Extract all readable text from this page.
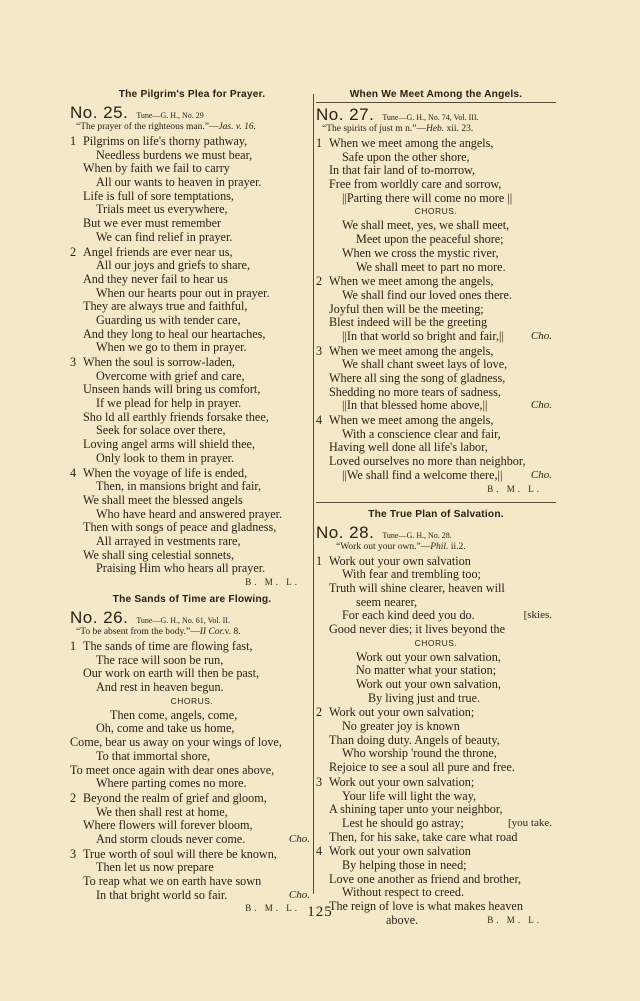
The Pilgrim's Plea for Prayer.
No. 25. Tune—G. H., No. 29
“The prayer of the righteous man.”—Jas. v. 16.
1 Pilgrims on life's thorny pathway,
Needless burdens we must bear,
When by faith we fail to carry
All our wants to heaven in prayer.
Life is full of sore temptations,
Trials meet us everywhere,
But we ever must remember
We can find relief in prayer.
2 Angel friends are ever near us,
All our joys and griefs to share,
And they never fail to hear us
When our hearts pour out in prayer.
They are always true and faithful,
Guarding us with tender care,
And they long to heal our heartaches,
When we go to them in prayer.
3 When the soul is sorrow-laden,
Overcome with grief and care,
Unseen hands will bring us comfort,
If we plead for help in prayer.
Sho ld all earthly friends forsake thee,
Seek for solace over there,
Loving angel arms will shield thee,
Only look to them in prayer.
4 When the voyage of life is ended,
Then, in mansions bright and fair,
We shall meet the blessed angels
Who have heard and answered prayer.
Then with songs of peace and gladness,
All arrayed in vestments rare,
We shall sing celestial sonnets,
Praising Him who hears all prayer.
B. M. L.
The Sands of Time are Flowing.
No. 26. Tune—G. H., No. 61, Vol. II.
“To be absent from the body.”—II Cor.v. 8.
1 The sands of time are flowing fast,
The race will soon be run,
Our work on earth will then be past,
And rest in heaven begun.
CHORUS.
Then come, angels, come,
Oh, come and take us home,
Come, bear us away on your wings of love,
To that immortal shore,
To meet once again with dear ones above,
Where parting comes no more.
2 Beyond the realm of grief and gloom,
We then shall rest at home,
Where flowers will forever bloom,
And storm clouds never come.	Cho.
3 True worth of soul will there be known,
Then let us now prepare
To reap what we on earth have sown
In that bright world so fair.	Cho.
B. M. L.
When We Meet Among the Angels.
No. 27. Tune—G. H., No. 74, Vol. III.
“The spirits of just m n.”—Heb. xii. 23.
1 When we meet among the angels,
Safe upon the other shore,
In that fair land of to-morrow,
Free from worldly care and sorrow,
||Parting there will come no more ||
CHORUS.
We shall meet, yes, we shall meet,
Meet upon the peaceful shore;
When we cross the mystic river,
We shall meet to part no more.
2 When we meet among the angels,
We shall find our loved ones there.
Joyful then will be the meeting;
Blest indeed will be the greeting
||In that world so bright and fair,|| Cho.
3 When we meet among the angels,
We shall chant sweet lays of love,
Where all sing the song of gladness,
Shedding no more tears of sadness,
||In that blessed home above,||	Cho.
4 When we meet among the angels,
With a conscience clear and fair,
Having well done all life's labor,
Loved ourselves no more than neighbor,
||We shall find a welcome there,||	Cho.
B. M. L.
The True Plan of Salvation.
No. 28. Tune—G. H., No. 28.
“Work out your own.”—Phil. ii.2.
1 Work out your own salvation
With fear and trembling too;
Truth will shine clearer, heaven will
seem nearer,
For each kind deed you do.	[skies.
Good never dies; it lives beyond the
CHORUS.
Work out your own salvation,
No matter what your station;
Work out your own salvation,
By living just and true.
2 Work out your own salvation;
No greater joy is known
Than doing duty. Angels of beauty,
Who worship 'round the throne,
Rejoice to see a soul all pure and free.
3 Work out your own salvation;
Your life will light the way,
A shining taper unto your neighbor,
Lest he should go astray;	[you take.
Then, for his sake, take care what road
4 Work out your own salvation
By helping those in need;
Love one another as friend and brother,
Without respect to creed.
The reign of love is what makes heaven
above.	B. M. L.
125
